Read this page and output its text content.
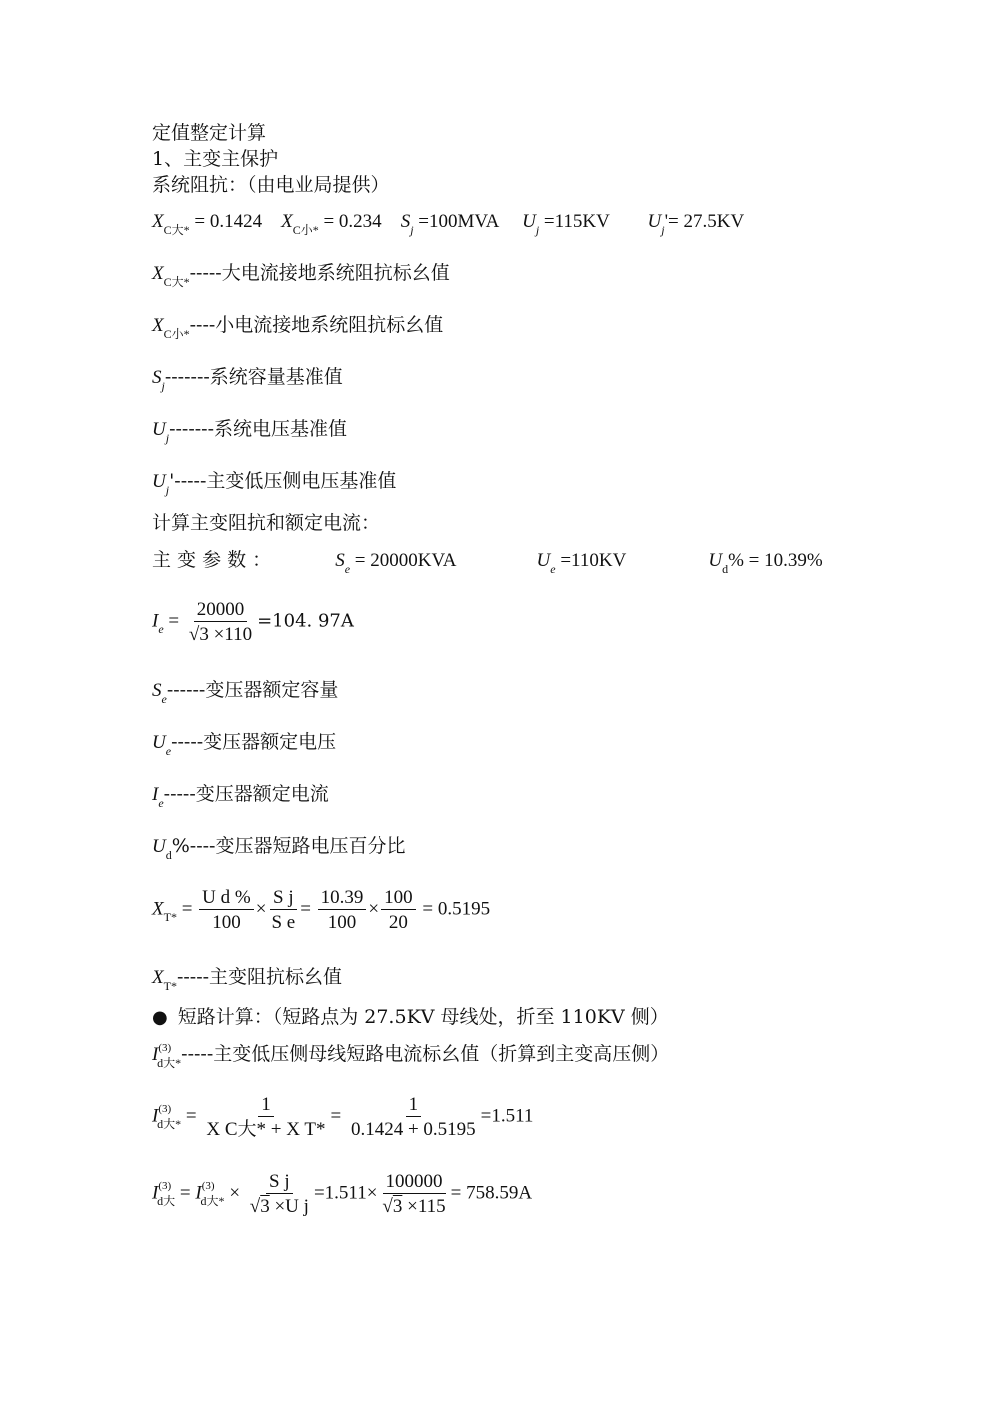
定值整定计算
1、主变主保护
系统阻抗：（由电业局提供）
$X_{C大*} = 0.1424$ $X_{C小*} = 0.234$ $S_j =100MVA$ $U_j =115KV$ $U_j'= 27.5KV$
$X_{C大*}-----$大电流接地系统阻抗标幺值
$X_{C小*}----$小电流接地系统阻抗标幺值
$S_j-------$系统容量基准值
$U_j-------$系统电压基准值
$U_j'-----$主变低压侧电压基准值
计算主变阻抗和额定电流：
主 变 参 数 ：	$S_e = 20000KVA$	$U_e =110KV$	$U_d\% = 10.39\%$
$I_e = \frac{20000}{√3 \times 110} =104$. 97A
$S_e------$变压器额定容量
$U_e-----$变压器额定电压
$I_e-----$变压器额定电流
$U_d\%----$变压器短路电压百分比
$X_{T*} = \frac{\text{U d \%}}{100} \times \frac{\text{S j}}{\text{S e}} = \frac{10.39}{100} \times \frac{100}{20} = 0.5195$
$X_{T*}-----$主变阻抗标幺值
● 短路计算：（短路点为 27.5KV 母线处，折至 110KV 侧）
$I^{(3)}_{d大*}-----$主变低压侧母线短路电流标幺值（折算到主变高压侧）
$I^{(3)}_{d大*} = \frac{1}{\text{X C大* + X T*}} = \frac{1}{0.1424 + 0.5195} =1.511$
$I^{(3)}_{d大} = I^{(3)}_{d大*} \times \frac{\text{S j}}{\text{√3 ×U j}} =1.511\times \frac{100000}{√3 \times 115} = 758.59A$
